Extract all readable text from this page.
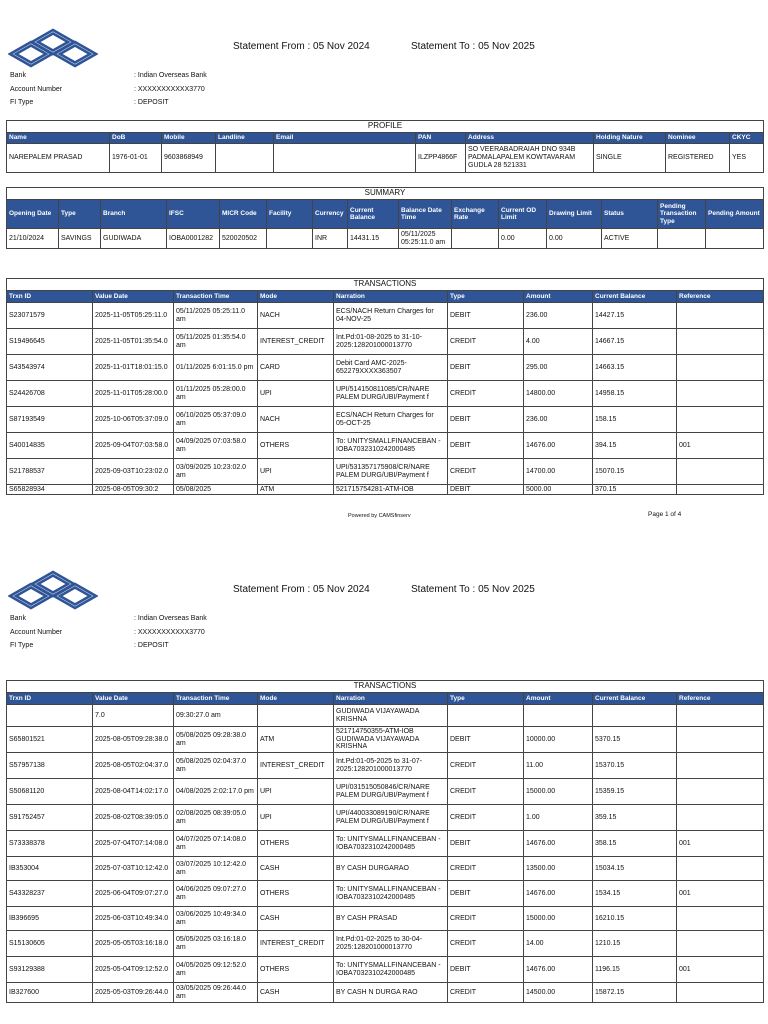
Statement From : 05 Nov 2024	Statement To : 05 Nov 2025
Bank	: Indian Overseas Bank
Account Number	: XXXXXXXXXXX3770
FI Type	: DEPOSIT
PROFILE									
Name	DoB	Mobile	Landline	Email	PAN	Address	Holding Nature	Nominee	CKYC
NAREPALEM PRASAD	1976-01-01	9603868949			ILZPP4866F	SO VEERABADRAIAH DNO 934B PADMALAPALEM KOWTAVARAM GUDLA 28 521331	SINGLE	REGISTERED	YES
SUMMARY														
Opening Date	Type	Branch	IFSC	MICR Code	Facility	Currency	Current Balance	Balance Date Time	Exchange Rate	Current OD Limit	Drawing Limit	Status	Pending Transaction Type	Pending Amount
21/10/2024	SAVINGS	GUDIWADA	IOBA0001282	520020502		INR	14431.15	05/11/2025 05:25:11.0 am		0.00	0.00	ACTIVE		
TRANSACTIONS								
Trxn ID	Value Date	Transaction Time	Mode	Narration	Type	Amount	Current Balance	Reference
S23071579	2025-11-05T05:25:11.0	05/11/2025 05:25:11.0 am	NACH	ECS/NACH Return Charges for 04-NOV-25	DEBIT	236.00	14427.15	
S19496645	2025-11-05T01:35:54.0	05/11/2025 01:35:54.0 am	INTEREST_CREDIT	Int.Pd:01-08-2025 to 31-10-2025:128201000013770	CREDIT	4.00	14667.15	
S43543974	2025-11-01T18:01:15.0	01/11/2025 6:01:15.0 pm	CARD	Debit Card AMC-2025-652279XXXX363507	DEBIT	295.00	14663.15	
S24426708	2025-11-01T05:28:00.0	01/11/2025 05:28:00.0 am	UPI	UPI/514150811085/CR/NARE PALEM DURG/UBI/Payment f	CREDIT	14800.00	14958.15	
S87193549	2025-10-06T05:37:09.0	06/10/2025 05:37:09.0 am	NACH	ECS/NACH Return Charges for 05-OCT-25	DEBIT	236.00	158.15	
S40014835	2025-09-04T07:03:58.0	04/09/2025 07:03:58.0 am	OTHERS	To: UNITYSMALLFINANCEBAN - IOBA7032310242000485	DEBIT	14676.00	394.15	001
S21788537	2025-09-03T10:23:02.0	03/09/2025 10:23:02.0 am	UPI	UPI/531357175908/CR/NARE PALEM DURG/UBI/Payment f	CREDIT	14700.00	15070.15	
S65828934	2025-08-05T09:30:2	05/08/2025	ATM	521715754281-ATM-IOB	DEBIT	5000.00	370.15	
Powered by CAMSfinserv	Page 1 of 4
Statement From : 05 Nov 2024	Statement To : 05 Nov 2025
Bank	: Indian Overseas Bank
Account Number	: XXXXXXXXXXX3770
FI Type	: DEPOSIT
TRANSACTIONS								
Trxn ID	Value Date	Transaction Time	Mode	Narration	Type	Amount	Current Balance	Reference
	7.0	09:30:27.0 am		GUDIWADA VIJAYAWADA KRISHNA				
S65801521	2025-08-05T09:28:38.0	05/08/2025 09:28:38.0 am	ATM	521714750355-ATM-IOB GUDIWADA VIJAYAWADA KRISHNA	DEBIT	10000.00	5370.15	
S57957138	2025-08-05T02:04:37.0	05/08/2025 02:04:37.0 am	INTEREST_CREDIT	Int.Pd:01-05-2025 to 31-07-2025:128201000013770	CREDIT	11.00	15370.15	
S50681120	2025-08-04T14:02:17.0	04/08/2025 2:02:17.0 pm	UPI	UPI/031515050846/CR/NARE PALEM DURG/UBI/Payment f	CREDIT	15000.00	15359.15	
S91752457	2025-08-02T08:39:05.0	02/08/2025 08:39:05.0 am	UPI	UPI/440033089190/CR/NARE PALEM DURG/UBI/Payment f	CREDIT	1.00	359.15	
S73338378	2025-07-04T07:14:08.0	04/07/2025 07:14:08.0 am	OTHERS	To: UNITYSMALLFINANCEBAN - IOBA7032310242000485	DEBIT	14676.00	358.15	001
IB353004	2025-07-03T10:12:42.0	03/07/2025 10:12:42.0 am	CASH	BY CASH DURGARAO	CREDIT	13500.00	15034.15	
S43328237	2025-06-04T09:07:27.0	04/06/2025 09:07:27.0 am	OTHERS	To: UNITYSMALLFINANCEBAN - IOBA7032310242000485	DEBIT	14676.00	1534.15	001
IB396695	2025-06-03T10:49:34.0	03/06/2025 10:49:34.0 am	CASH	BY CASH PRASAD	CREDIT	15000.00	16210.15	
S15130605	2025-05-05T03:16:18.0	05/05/2025 03:16:18.0 am	INTEREST_CREDIT	Int.Pd:01-02-2025 to 30-04-2025:128201000013770	CREDIT	14.00	1210.15	
S93129388	2025-05-04T09:12:52.0	04/05/2025 09:12:52.0 am	OTHERS	To: UNITYSMALLFINANCEBAN - IOBA7032310242000485	DEBIT	14676.00	1196.15	001
IB327600	2025-05-03T09:26:44.0	03/05/2025 09:26:44.0 am	CASH	BY CASH N DURGA RAO	CREDIT	14500.00	15872.15	
